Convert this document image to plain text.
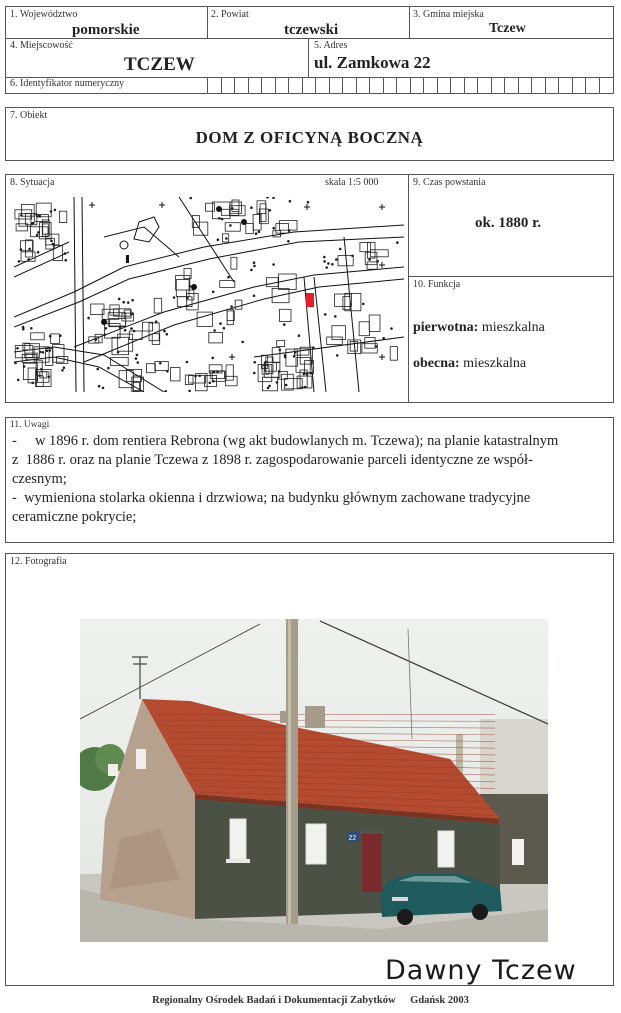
1. Województwo
pomorskie
2. Powiat
tczewski
3. Gmina miejska
Tczew
4. Miejscowość
TCZEW
5. Adres
ul. Zamkowa 22
6. Identyfikator numeryczny
7. Obiekt
DOM Z OFICYNĄ BOCZNĄ
8. Sytuacja	skala 1:5 000	9. Czas powstania
ok. 1880 r.
10. Funkcja
pierwotna: mieszkalna
obecna: mieszkalna
11. Uwagi
-     w 1896 r. dom rentiera Rebrona (wg akt budowlanych m. Tczewa); na planie katastralnym
z  1886 r. oraz na planie Tczewa z 1898 r. zagospodarowanie parceli identyczne ze współ-
czesnym;
-  wymieniona stolarka okienna i drzwiowa; na budynku głównym zachowane tradycyjne
ceramiczne pokrycie;
12. Fotografia
22
Dawny Tczew
Regionalny Ośrodek Badań i Dokumentacji Zabytków Gdańsk 2003
